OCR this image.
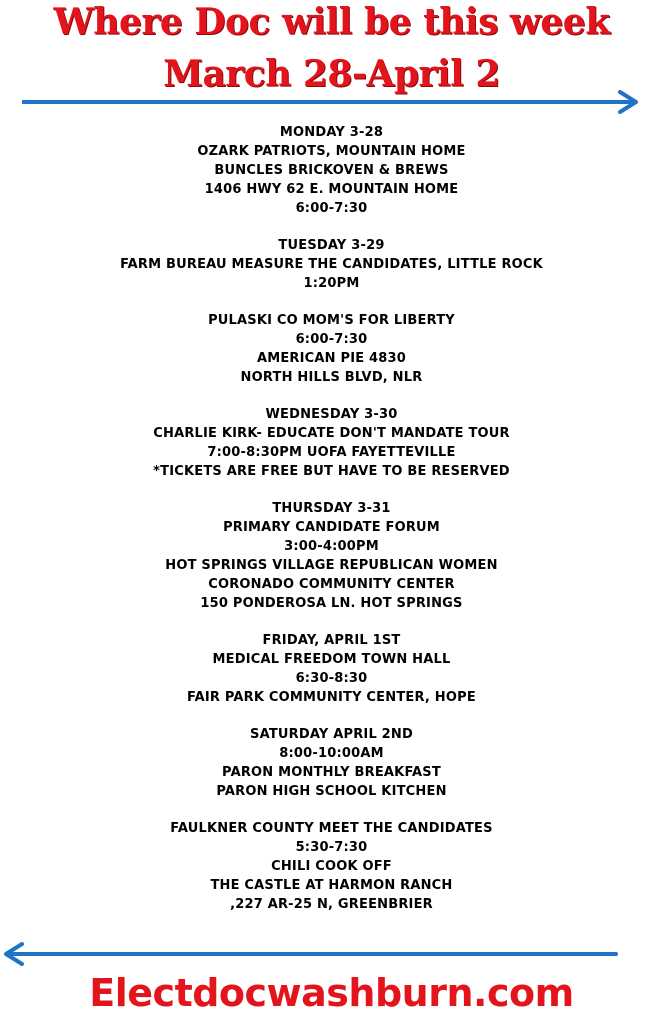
Where Doc will be this week
March 28-April 2
MONDAY 3-28
OZARK PATRIOTS, MOUNTAIN HOME
BUNCLES BRICKOVEN & BREWS
1406 HWY 62 E. MOUNTAIN HOME
6:00-7:30
TUESDAY 3-29
FARM BUREAU MEASURE THE CANDIDATES, LITTLE ROCK
1:20PM
PULASKI CO MOM'S FOR LIBERTY
6:00-7:30
AMERICAN PIE 4830
NORTH HILLS BLVD, NLR
WEDNESDAY 3-30
CHARLIE KIRK- EDUCATE DON'T MANDATE TOUR
7:00-8:30PM UOFA FAYETTEVILLE
*TICKETS ARE FREE BUT HAVE TO BE RESERVED
THURSDAY 3-31
PRIMARY CANDIDATE FORUM
3:00-4:00PM
HOT SPRINGS VILLAGE REPUBLICAN WOMEN
CORONADO COMMUNITY CENTER
150 PONDEROSA LN. HOT SPRINGS
FRIDAY, APRIL 1ST
MEDICAL FREEDOM TOWN HALL
6:30-8:30
FAIR PARK COMMUNITY CENTER, HOPE
SATURDAY APRIL 2ND
8:00-10:00AM
PARON MONTHLY BREAKFAST
PARON HIGH SCHOOL KITCHEN
FAULKNER COUNTY MEET THE CANDIDATES
5:30-7:30
CHILI COOK OFF
THE CASTLE AT HARMON RANCH
,227 AR-25 N, GREENBRIER
Electdocwashburn.com
